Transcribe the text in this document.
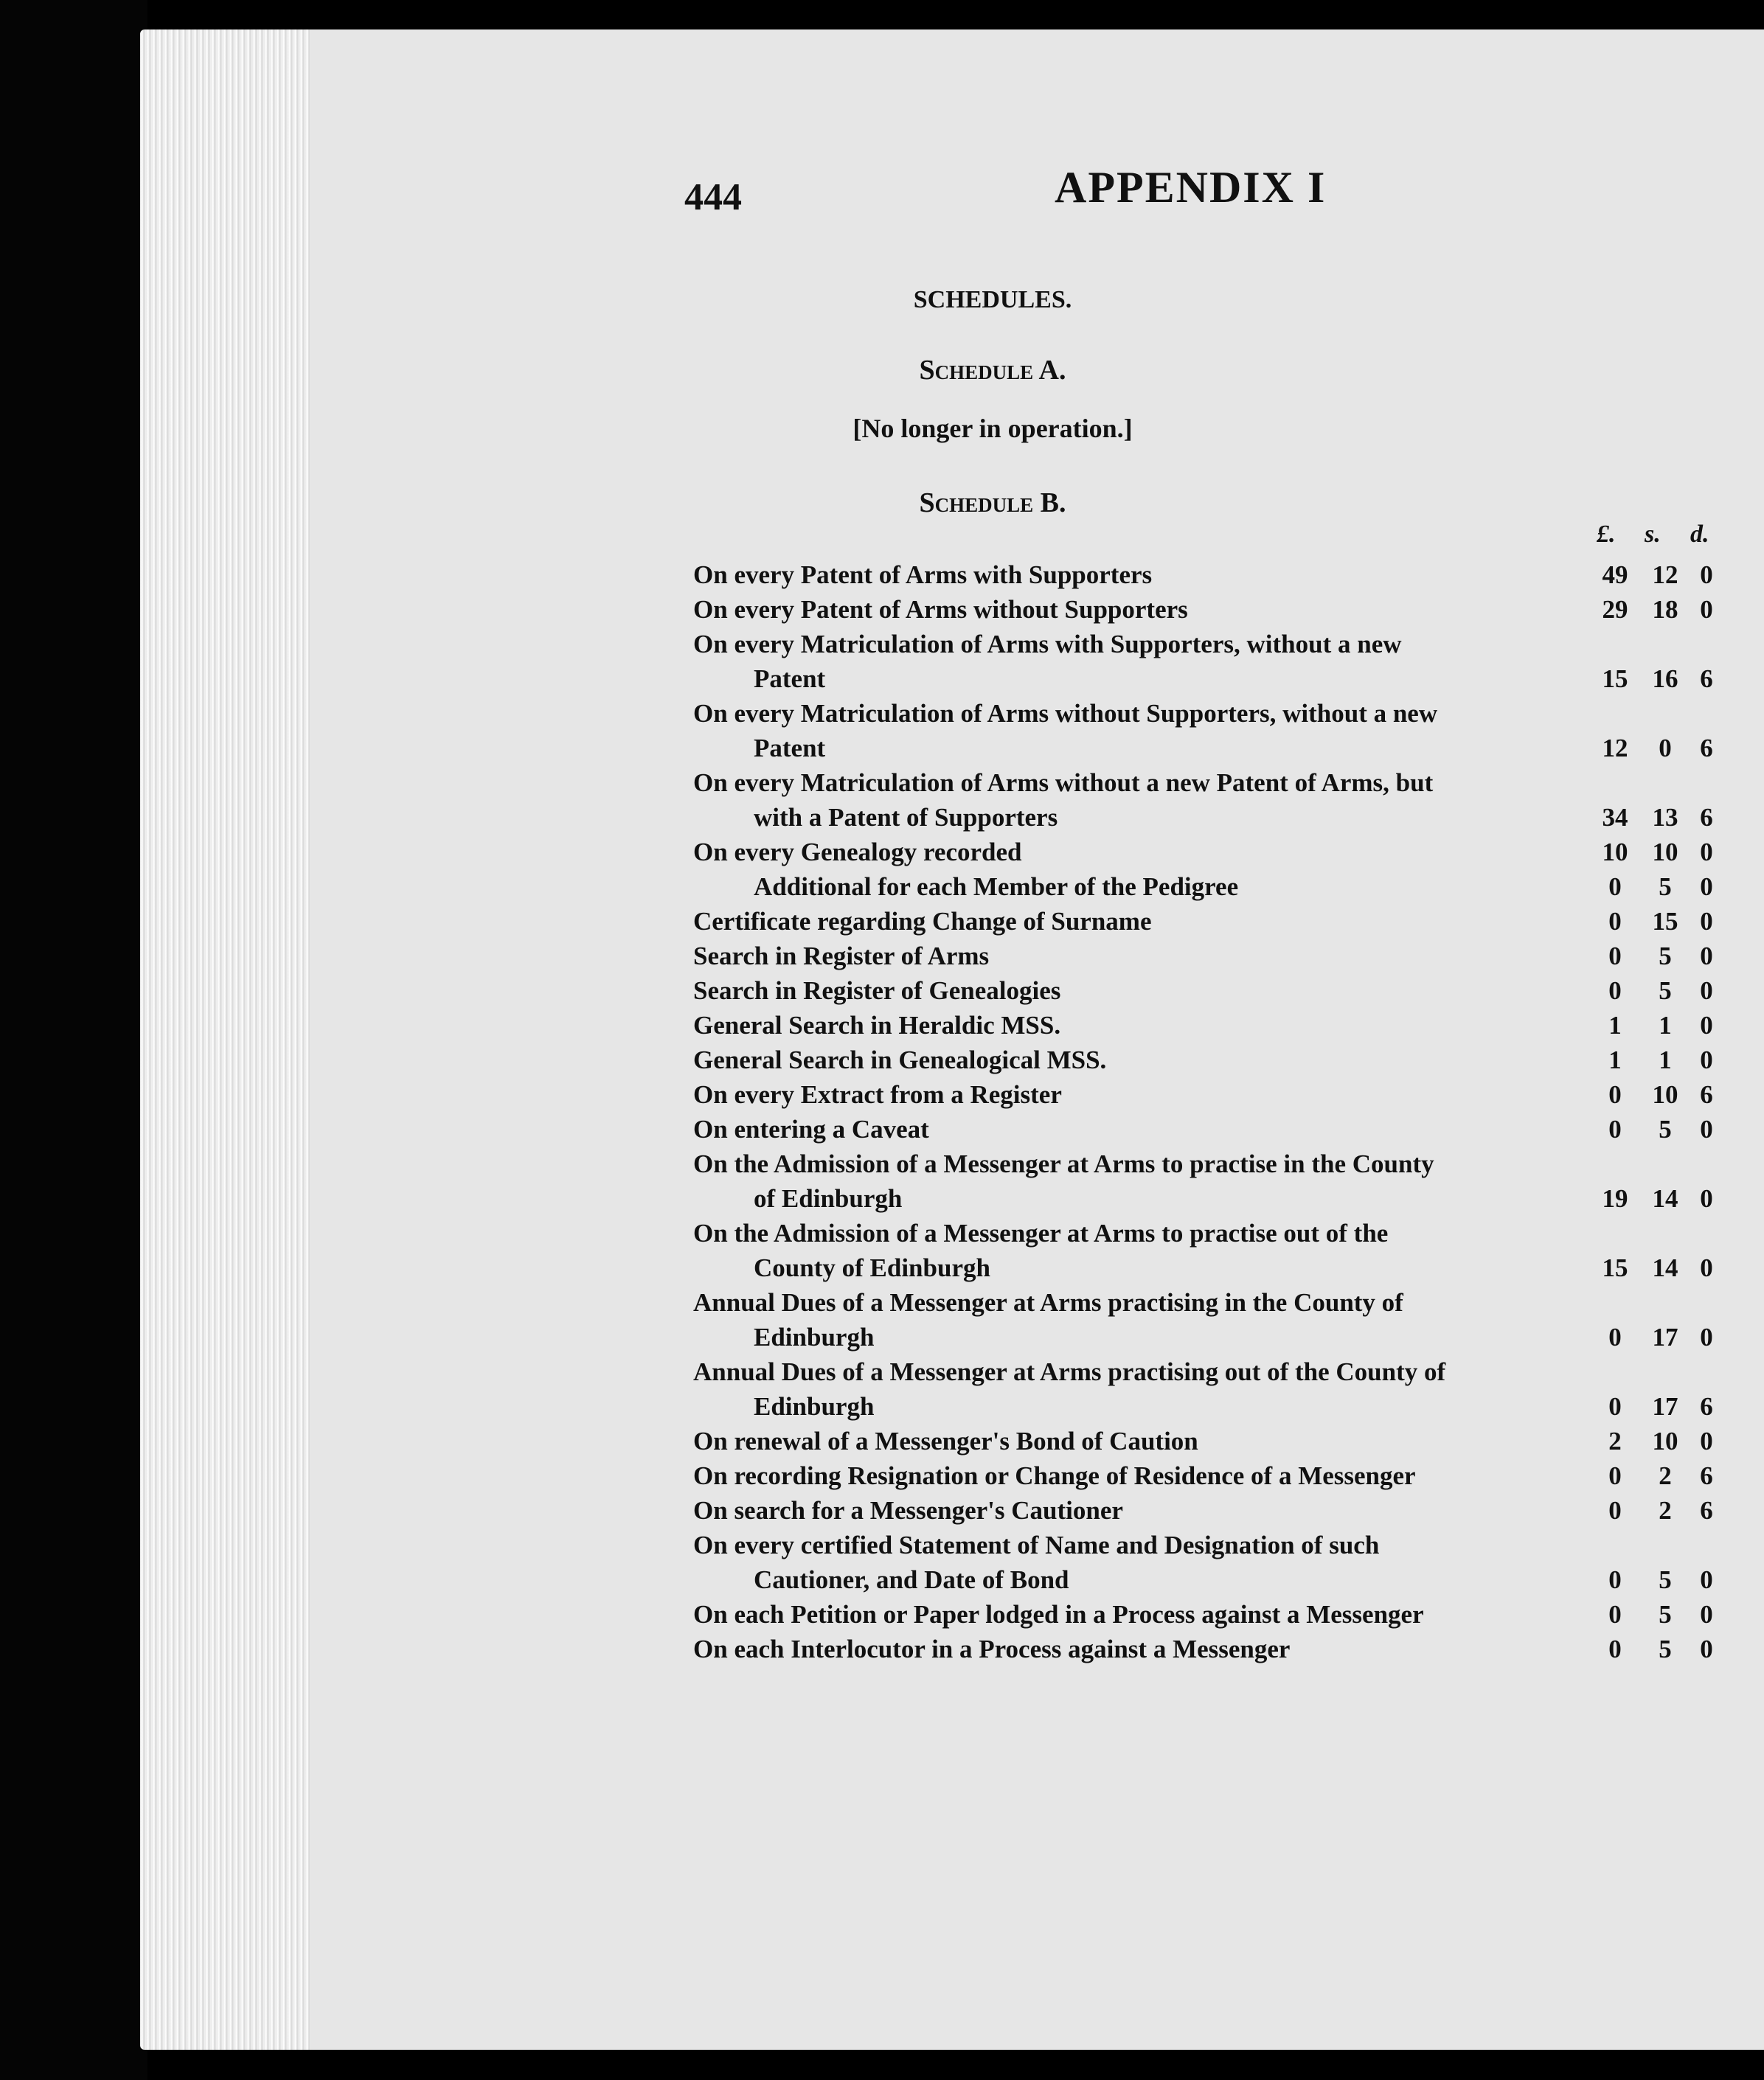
444	APPENDIX I
SCHEDULES.
Schedule A.
[No longer in operation.]
Schedule B.
£. s. d.
On every Patent of Arms with Supporters	49 12 0
On every Patent of Arms without Supporters	29 18 0
On every Matriculation of Arms with Supporters, without a new
Patent	15 16 6
On every Matriculation of Arms without Supporters, without a new
Patent	12	0	6
On every Matriculation of Arms without a new Patent of Arms, but
with a Patent of Supporters	34 13 6
On every Genealogy recorded	10 10 0
Additional for each Member of the Pedigree	0	5	0
Certificate regarding Change of Surname	0	15 0
Search in Register of Arms	0	5	0
Search in Register of Genealogies	0	5	0
General Search in Heraldic MSS.	1	1	0
General Search in Genealogical MSS.	1	1	0
On every Extract from a Register	0	10 6
On entering a Caveat	0	5	0
On the Admission of a Messenger at Arms to practise in the County
of Edinburgh	19 14 0
On the Admission of a Messenger at Arms to practise out of the
County of Edinburgh	15 14 0
Annual Dues of a Messenger at Arms practising in the County of
Edinburgh	0	17 0
Annual Dues of a Messenger at Arms practising out of the County of
Edinburgh	0	17 6
On renewal of a Messenger's Bond of Caution	2	10 0
On recording Resignation or Change of Residence of a Messenger	0	2	6
On search for a Messenger's Cautioner	0	2	6
On every certified Statement of Name and Designation of such
Cautioner, and Date of Bond	0	5	0
On each Petition or Paper lodged in a Process against a Messenger	0	5	0
On each Interlocutor in a Process against a Messenger	0	5	0
